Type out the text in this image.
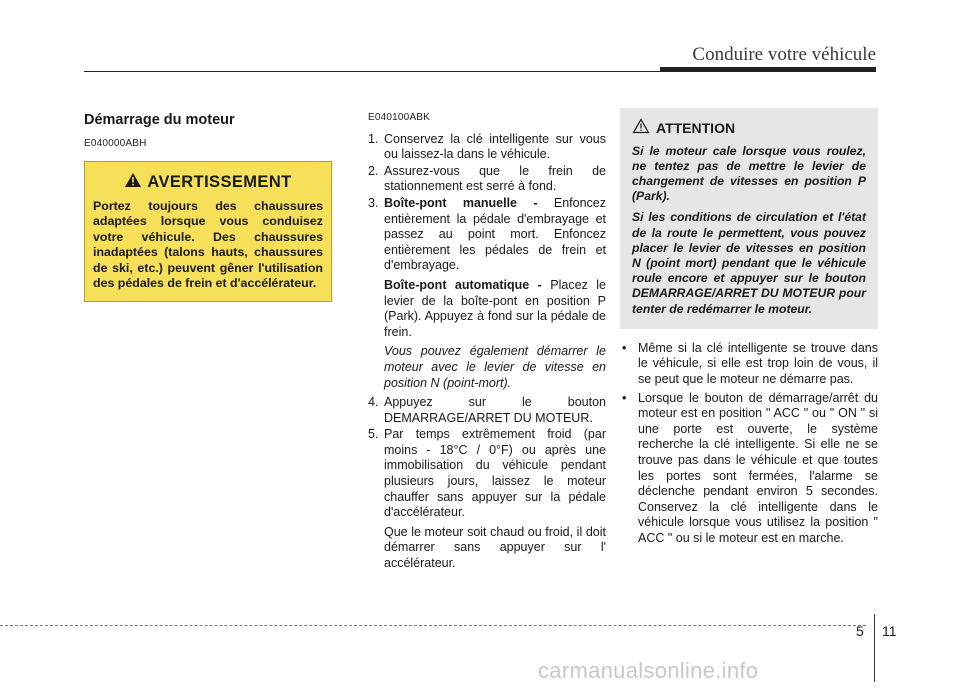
Conduire votre véhicule
Démarrage du moteur
E040000ABH
AVERTISSEMENT
Portez toujours des chaussures adaptées lorsque vous conduisez votre véhicule. Des chaussures inadaptées (talons hauts, chaussures de ski, etc.) peuvent gêner l'utilisation des pédales de frein et d'accélérateur.
E040100ABK
1. Conservez la clé intelligente sur vous ou laissez-la dans le véhicule.
2. Assurez-vous que le frein de stationnement est serré à fond.
3. Boîte-pont manuelle - Enfoncez entièrement la pédale d'embrayage et passez au point mort. Enfoncez entièrement les pédales de frein et d'embrayage.
Boîte-pont automatique - Placez le levier de la boîte-pont en position P (Park). Appuyez à fond sur la pédale de frein.
Vous pouvez également démarrer le moteur avec le levier de vitesse en position N (point-mort).
4. Appuyez sur le bouton DEMARRAGE/ARRET DU MOTEUR.
5. Par temps extrêmement froid (par moins - 18°C / 0°F) ou après une immobilisation du véhicule pendant plusieurs jours, laissez le moteur chauffer sans appuyer sur la pédale d'accélérateur.
Que le moteur soit chaud ou froid, il doit démarrer sans appuyer sur l' accélérateur.
ATTENTION

Si le moteur cale lorsque vous roulez, ne tentez pas de mettre le levier de changement de vitesses en position P (Park).

Si les conditions de circulation et l'état de la route le permettent, vous pouvez placer le levier de vitesses en position N (point mort) pendant que le véhicule roule encore et appuyer sur le bouton DEMARRAGE/ARRET DU MOTEUR pour tenter de redémarrer le moteur.

• Même si la clé intelligente se trouve dans le véhicule, si elle est trop loin de vous, il se peut que le moteur ne démarre pas.
• Lorsque le bouton de démarrage/arrêt du moteur est en position " ACC " ou " ON " si une porte est ouverte, le système recherche la clé intelligente. Si elle ne se trouve pas dans le véhicule et que toutes les portes sont fermées, l'alarme se déclenche pendant environ 5 secondes. Conservez la clé intelligente dans le véhicule lorsque vous utilisez la position " ACC " ou si le moteur est en marche.
5 11
carmanualsonline.info
